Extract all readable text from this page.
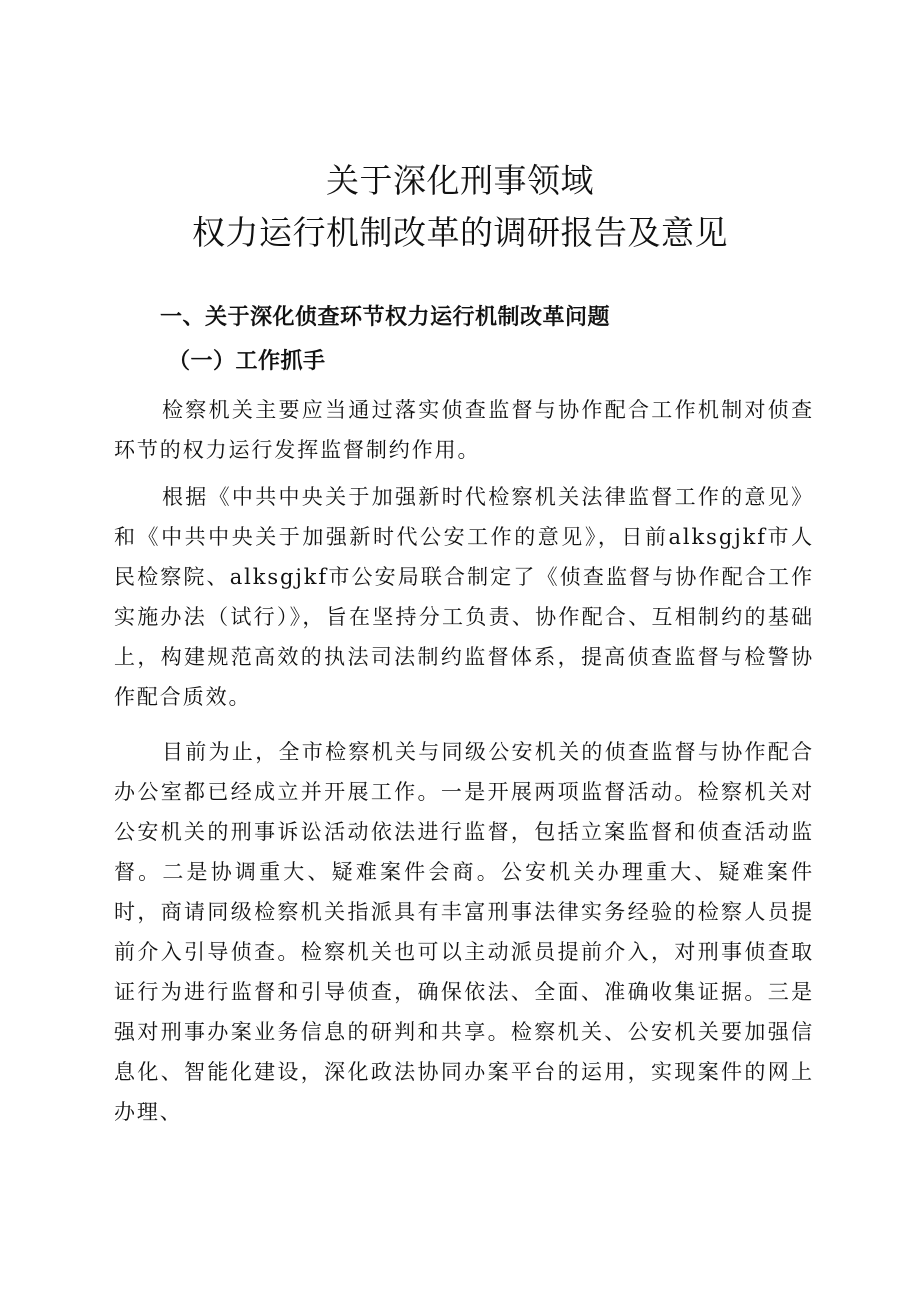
关于深化刑事领域
权力运行机制改革的调研报告及意见
一、关于深化侦查环节权力运行机制改革问题
（一）工作抓手

检察机关主要应当通过落实侦查监督与协作配合工作机制对侦查环节的权力运行发挥监督制约作用。

根据《中共中央关于加强新时代检察机关法律监督工作的意见》和《中共中央关于加强新时代公安工作的意见》，日前alksgjkf市人民检察院、alksgjkf市公安局联合制定了《侦查监督与协作配合工作实施办法（试行）》，旨在坚持分工负责、协作配合、互相制约的基础上，构建规范高效的执法司法制约监督体系，提高侦查监督与检警协作配合质效。

目前为止，全市检察机关与同级公安机关的侦查监督与协作配合办公室都已经成立并开展工作。一是开展两项监督活动。检察机关对公安机关的刑事诉讼活动依法进行监督，包括立案监督和侦查活动监督。二是协调重大、疑难案件会商。公安机关办理重大、疑难案件时，商请同级检察机关指派具有丰富刑事法律实务经验的检察人员提前介入引导侦查。检察机关也可以主动派员提前介入，对刑事侦查取证行为进行监督和引导侦查，确保依法、全面、准确收集证据。三是强对刑事办案业务信息的研判和共享。检察机关、公安机关要加强信息化、智能化建设，深化政法协同办案平台的运用，实现案件的网上办理、
